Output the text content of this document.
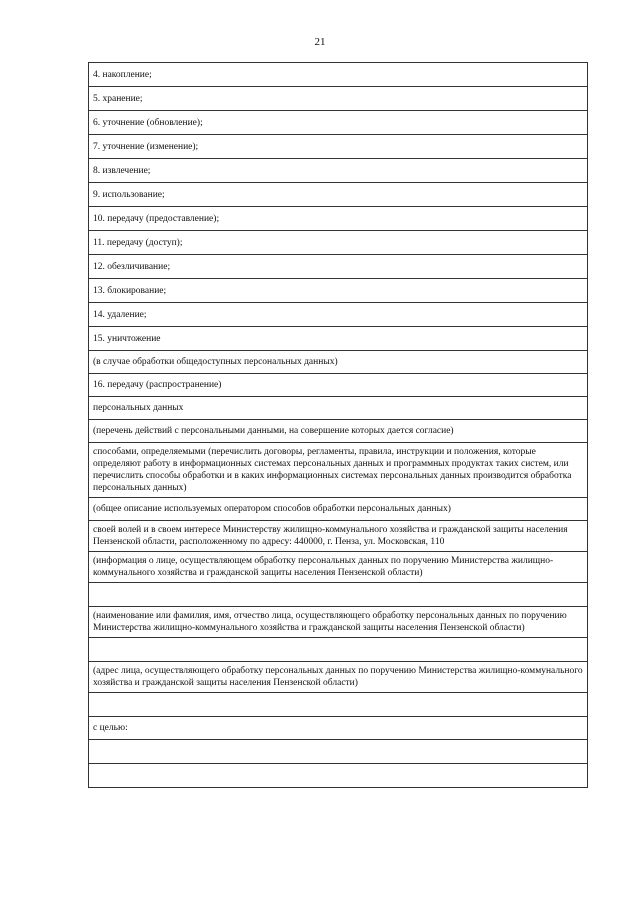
21
4. накопление;
5. хранение;
6. уточнение (обновление);
7. уточнение (изменение);
8. извлечение;
9. использование;
10. передачу (предоставление);
11. передачу (доступ);
12. обезличивание;
13. блокирование;
14. удаление;
15. уничтожение
(в случае обработки общедоступных персональных данных)
16. передачу (распространение)
персональных данных
(перечень действий с персональными данными, на совершение которых дается согласие)
способами, определяемыми (перечислить договоры, регламенты, правила, инструкции и положения, которые определяют работу в информационных системах персональных данных и программных продуктах таких систем, или перечислить способы обработки и в каких информационных системах персональных данных производится обработка персональных данных)
(общее описание используемых оператором способов обработки персональных данных)
своей волей и в своем интересе Министерству жилищно-коммунального хозяйства и гражданской защиты населения Пензенской области, расположенному по адресу: 440000, г. Пенза, ул. Московская, 110
(информация о лице, осуществляющем обработку персональных данных по поручению Министерства жилищно-коммунального хозяйства и гражданской защиты населения Пензенской области)

(наименование или фамилия, имя, отчество лица, осуществляющего обработку персональных данных по поручению Министерства жилищно-коммунального хозяйства и гражданской защиты населения Пензенской области)

(адрес лица, осуществляющего обработку персональных данных по поручению Министерства жилищно-коммунального хозяйства и гражданской защиты населения Пензенской области)

с целью:
